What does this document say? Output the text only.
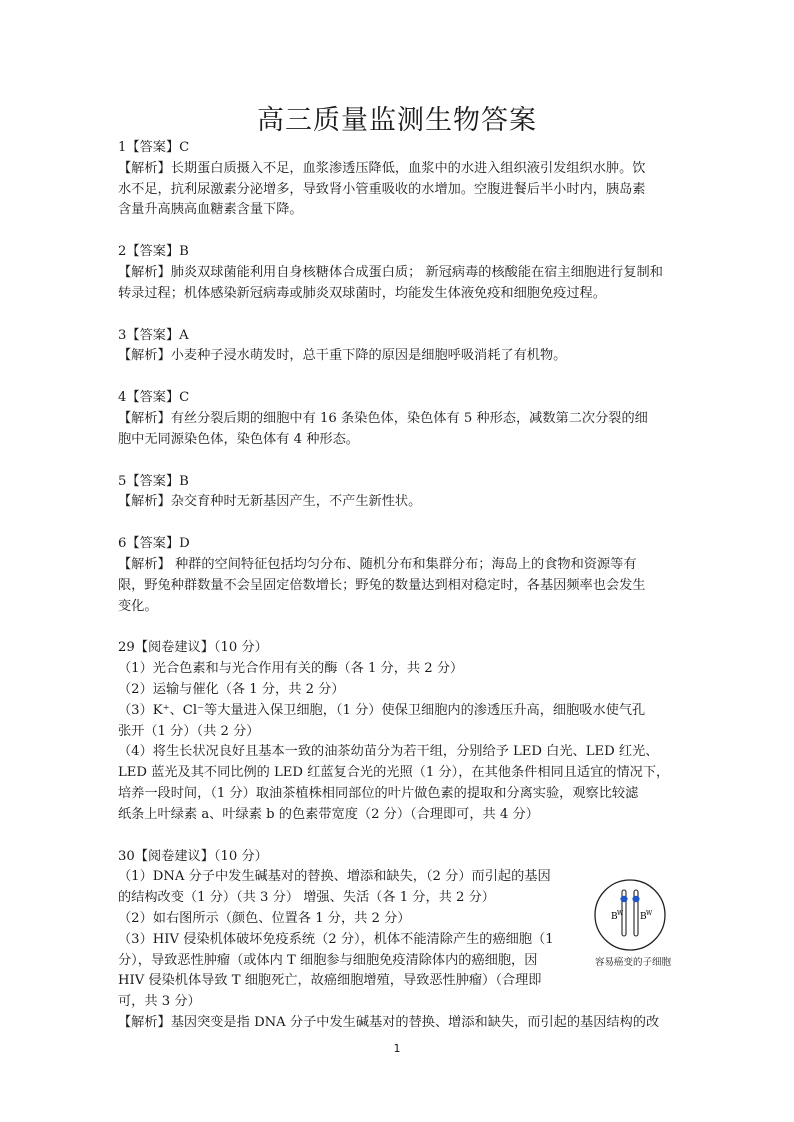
高三质量监测生物答案

1【答案】C

【解析】长期蛋白质摄入不足，血浆渗透压降低，血浆中的水进入组织液引发组织水肿。饮

水不足，抗利尿激素分泌增多，导致肾小管重吸收的水增加。空腹进餐后半小时内，胰岛素

含量升高胰高血糖素含量下降。

2【答案】B

【解析】肺炎双球菌能利用自身核糖体合成蛋白质； 新冠病毒的核酸能在宿主细胞进行复制和

转录过程；机体感染新冠病毒或肺炎双球菌时，均能发生体液免疫和细胞免疫过程。

3【答案】A

【解析】小麦种子浸水萌发时，总干重下降的原因是细胞呼吸消耗了有机物。

4【答案】C

【解析】有丝分裂后期的细胞中有 16 条染色体，染色体有 5 种形态，减数第二次分裂的细

胞中无同源染色体，染色体有 4 种形态。

5【答案】B

【解析】杂交育种时无新基因产生，不产生新性状。

6【答案】D

【解析】 种群的空间特征包括均匀分布、随机分布和集群分布；海岛上的食物和资源等有

限，野兔种群数量不会呈固定倍数增长；野兔的数量达到相对稳定时，各基因频率也会发生

变化。

29【阅卷建议】（10 分）

（1）光合色素和与光合作用有关的酶（各 1 分，共 2 分）

（2）运输与催化（各 1 分，共 2 分）

（3）K⁺、Cl⁻等大量进入保卫细胞，（1 分）使保卫细胞内的渗透压升高，细胞吸水使气孔

张开（1 分）（共 2 分）

（4）将生长状况良好且基本一致的油茶幼苗分为若干组，分别给予 LED 白光、LED 红光、

LED 蓝光及其不同比例的 LED 红蓝复合光的光照（1 分），在其他条件相同且适宜的情况下，

培养一段时间，（1 分）取油茶植株相同部位的叶片做色素的提取和分离实验，观察比较滤

纸条上叶绿素 a、叶绿素 b 的色素带宽度（2 分）（合理即可，共 4 分）

30【阅卷建议】（10 分）

（1）DNA 分子中发生碱基对的替换、增添和缺失，（2 分）而引起的基因

的结构改变（1 分）（共 3 分） 增强、失活（各 1 分，共 2 分）

（2）如右图所示（颜色、位置各 1 分，共 2 分）

（3）HIV 侵染机体破坏免疫系统（2 分），机体不能清除产生的癌细胞（1

分），导致恶性肿瘤（或体内 T 细胞参与细胞免疫清除体内的癌细胞，因

HIV 侵染机体导致 T 细胞死亡，故癌细胞增殖，导致恶性肿瘤）（合理即

可，共 3 分）

【解析】基因突变是指 DNA 分子中发生碱基对的替换、增添和缺失，而引起的基因结构的改

B W B W
容易癌变的子细胞
1
